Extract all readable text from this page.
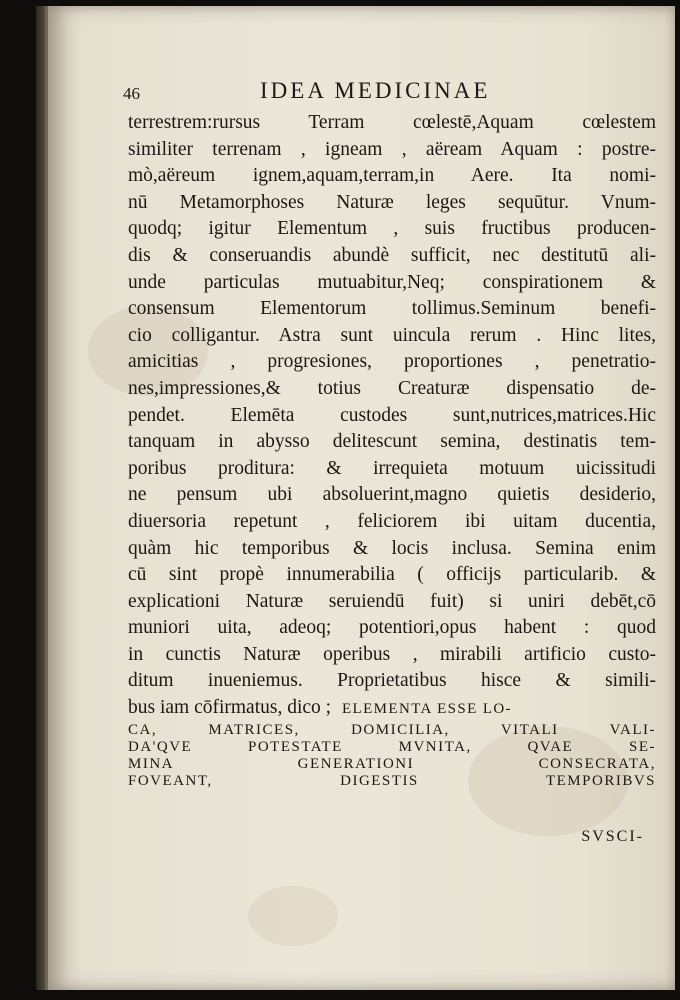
46	IDEA MEDICINAE
terrestrem:rursus Terram cœlestē,Aquam cœlestem
similiter terrenam , igneam , aëream Aquam : postre-
mò,aëreum ignem,aquam,terram,in Aere. Ita nomi-
nū Metamorphoses Naturæ leges sequūtur. Vnum-
quodq; igitur Elementum , suis fructibus producen-
dis & conseruandis abundè sufficit, nec destitutū ali-
unde particulas mutuabitur,Neq; conspirationem &
consensum Elementorum tollimus.Seminum benefi-
cio colligantur. Astra sunt uincula rerum . Hinc lites,
amicitias , progresiones, proportiones , penetratio-
nes,impressiones,& totius Creaturæ dispensatio de-
pendet. Elemēta custodes sunt,nutrices,matrices.Hic
tanquam in abysso delitescunt semina, destinatis tem-
poribus proditura: & irrequieta motuum uicissitudi
ne pensum ubi absoluerint,magno quietis desiderio,
diuersoria repetunt , feliciorem ibi uitam ducentia,
quàm hic temporibus & locis inclusa. Semina enim
cū sint propè innumerabilia ( officijs particularib. &
explicationi Naturæ seruiendū fuit) si uniri debēt,cō
muniori uita, adeoq; potentiori,opus habent : quod
in cunctis Naturæ operibus , mirabili artificio custo-
ditum inueniemus. Proprietatibus hisce & simili-
bus iam cōfirmatus, dico ; ELEMENTA ESSE LO-
CA, MATRICES, DOMICILIA, VITALI VALI-
DA'QVE POTESTATE MVNITA, QVAE SE-
MINA GENERATIONI CONSECRATA,
FOVEANT, DIGESTIS TEMPORIBVS
SVSCI-
